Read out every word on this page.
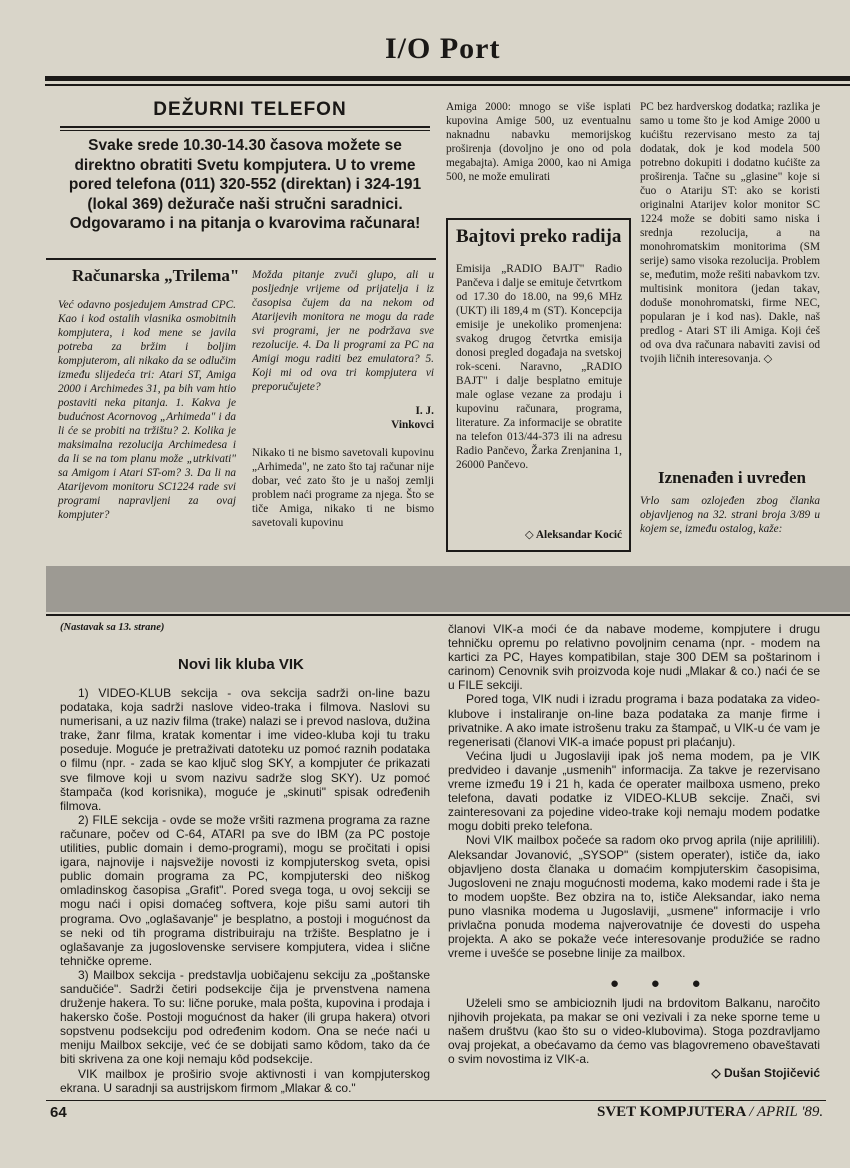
I/O Port
DEŽURNI TELEFON
Svake srede 10.30-14.30 časova možete se direktno obratiti Svetu kompjutera. U to vreme pored telefona (011) 320-552 (direktan) i 324-191 (lokal 369) dežurače naši stručni saradnici. Odgovaramo i na pitanja o kvarovima računara!
Računarska „Trilema"
Već odavno posjedujem Amstrad CPC. Kao i kod ostalih vlasnika osmobitnih kompjutera, i kod mene se javila potreba za bržim i boljim kompjuterom, ali nikako da se odlučim između slijedeća tri: Atari ST, Amiga 2000 i Archimedes 31, pa bih vam htio postaviti neka pitanja. 1. Kakva je budućnost Acornovog „Arhimeda" i da li će se probiti na tržištu? 2. Kolika je maksimalna rezolucija Archimedesa i da li se na tom planu može „utrkivati" sa Amigom i Atari ST-om? 3. Da li na Atarijevom monitoru SC1224 rade svi programi napravljeni za ovaj kompjuter?
Možda pitanje zvuči glupo, ali u posljednje vrijeme od prijatelja i iz časopisa čujem da na nekom od Atarijevih monitora ne mogu da rade svi programi, jer ne podržava sve rezolucije. 4. Da li programi za PC na Amigi mogu raditi bez emulatora? 5. Koji mi od ova tri kompjutera vi preporučujete?
I. J.
Vinkovci
Nikako ti ne bismo savetovali kupovinu „Arhimeda", ne zato što taj računar nije dobar, već zato što je u našoj zemlji problem naći programe za njega. Što se tiče Amiga, nikako ti ne bismo savetovali kupovinu
Amiga 2000: mnogo se više isplati kupovina Amige 500, uz eventualnu naknadnu nabavku memorijskog proširenja (dovoljno je ono od pola megabajta). Amiga 2000, kao ni Amiga 500, ne može emulirati
Bajtovi preko radija
Emisija „RADIO BAJT" Radio Pančeva i dalje se emituje četvrtkom od 17.30 do 18.00, na 99,6 MHz (UKT) ili 189,4 m (ST). Koncepcija emisije je unekoliko promenjena: svakog drugog četvrtka emisija donosi pregled događaja na svetskoj rok-sceni. Naravno, „RADIO BAJT" i dalje besplatno emituje male oglase vezane za prodaju i kupovinu računara, programa, literature. Za informacije se obratite na telefon 013/44-373 ili na adresu Radio Pančevo, Žarka Zrenjanina 1, 26000 Pančevo.
◇ Aleksandar Kocić
PC bez hardverskog dodatka; razlika je samo u tome što je kod Amige 2000 u kućištu rezervisano mesto za taj dodatak, dok je kod modela 500 potrebno dokupiti i dodatno kućište za proširenja. Tačne su „glasine" koje si čuo o Atariju ST: ako se koristi originalni Atarijev kolor monitor SC 1224 može se dobiti samo niska i srednja rezolucija, a na monohromatskim monitorima (SM serije) samo visoka rezolucija. Problem se, međutim, može rešiti nabavkom tzv. multisink monitora (jedan takav, doduše monohromatski, firme NEC, popularan je i kod nas). Dakle, naš predlog - Atari ST ili Amiga. Koji ćeš od ova dva računara nabaviti zavisi od tvojih ličnih interesovanja. ◇
Iznenađen i uvređen
Vrlo sam ozlojeđen zbog članka objavljenog na 32. strani broja 3/89 u kojem se, između ostalog, kaže:
(Nastavak sa 13. strane)
Novi lik kluba VIK

1) VIDEO-KLUB sekcija - ova sekcija sadrži on-line bazu podataka, koja sadrži naslove video-traka i filmova. Naslovi su numerisani, a uz naziv filma (trake) nalazi se i prevod naslova, dužina trake, žanr filma, kratak komentar i ime video-kluba koji tu traku poseduje. Moguće je pretraživati datoteku uz pomoć raznih podataka o filmu (npr. - zada se kao ključ slog SKY, a kompjuter će prikazati sve filmove koji u svom nazivu sadrže slog SKY). Uz pomoć štampača (kod korisnika), moguće je „skinuti" spisak određenih filmova.

2) FILE sekcija - ovde se može vršiti razmena programa za razne računare, počev od C-64, ATARI pa sve do IBM (za PC postoje utilities, public domain i demo-programi), mogu se pročitati i opisi igara, najnovije i najsvežije novosti iz kompjuterskog sveta, opisi public domain programa za PC, kompjuterski deo niškog omladinskog časopisa „Grafit". Pored svega toga, u ovoj sekciji se mogu naći i opisi domaćeg softvera, koje pišu sami autori tih programa. Ovo „oglašavanje" je besplatno, a postoji i mogućnost da se neki od tih programa distribuiraju na tržište. Besplatno je i oglašavanje za jugoslovenske servisere kompjutera, videa i slične tehničke opreme.

3) Mailbox sekcija - predstavlja uobičajenu sekciju za „poštanske sandučiće". Sadrži četiri podsekcije čija je prvenstvena namena druženje hakera. To su: lične poruke, mala pošta, kupovina i prodaja i hakersko čoše. Postoji mogućnost da haker (ili grupa hakera) otvori sopstvenu podsekciju pod određenim kodom. Ona se neće naći u meniju Mailbox sekcije, već će se dobijati samo kôdom, tako da će biti skrivena za one koji nemaju kôd podsekcije.

VIK mailbox je proširio svoje aktivnosti i van kompjuterskog ekrana. U saradnji sa austrijskom firmom „Mlakar & co."

članovi VIK-a moći će da nabave modeme, kompjutere i drugu tehničku opremu po relativno povoljnim cenama (npr. - modem na kartici za PC, Hayes kompatibilan, staje 300 DEM sa poštarinom i carinom) Cenovnik svih proizvoda koje nudi „Mlakar & co.) naći će se u FILE sekciji.

Pored toga, VIK nudi i izradu programa i baza podataka za video-klubove i instaliranje on-line baza podataka za manje firme i privatnike. A ako imate istrošenu traku za štampač, u VIK-u će vam je regenerisati (članovi VIK-a imaće popust pri plaćanju).

Većina ljudi u Jugoslaviji ipak još nema modem, pa je VIK predvideo i davanje „usmenih" informacija. Za takve je rezervisano vreme između 19 i 21 h, kada će operater mailboxa usmeno, preko telefona, davati podatke iz VIDEO-KLUB sekcije. Znači, svi zainteresovani za pojedine video-trake koji nemaju modem podatke mogu dobiti preko telefona.

Novi VIK mailbox počeće sa radom oko prvog aprila (nije aprililili). Aleksandar Jovanović, „SYSOP" (sistem operater), ističe da, iako objavljeno dosta članaka u domaćim kompjuterskim časopisima, Jugosloveni ne znaju mogućnosti modema, kako modemi rade i šta je to modem uopšte. Bez obzira na to, ističe Aleksandar, iako nema puno vlasnika modema u Jugoslaviji, „usmene" informacije i vrlo privlačna ponuda modema najverovatnije će dovesti do uspeha projekta. A ako se pokaže veće interesovanje produžiće se radno vreme i uvešće se posebne linije za mailbox.

● ● ●

Uželeli smo se ambicioznih ljudi na brdovitom Balkanu, naročito njihovih projekata, pa makar se oni vezivali i za neke sporne teme u našem društvu (kao što su o video-klubovima). Stoga pozdravljamo ovaj projekat, a obećavamo da ćemo vas blagovremeno obaveštavati o svim novostima iz VIK-a.

◇ Dušan Stojičević
64	SVET KOMPJUTERA / APRIL '89.
